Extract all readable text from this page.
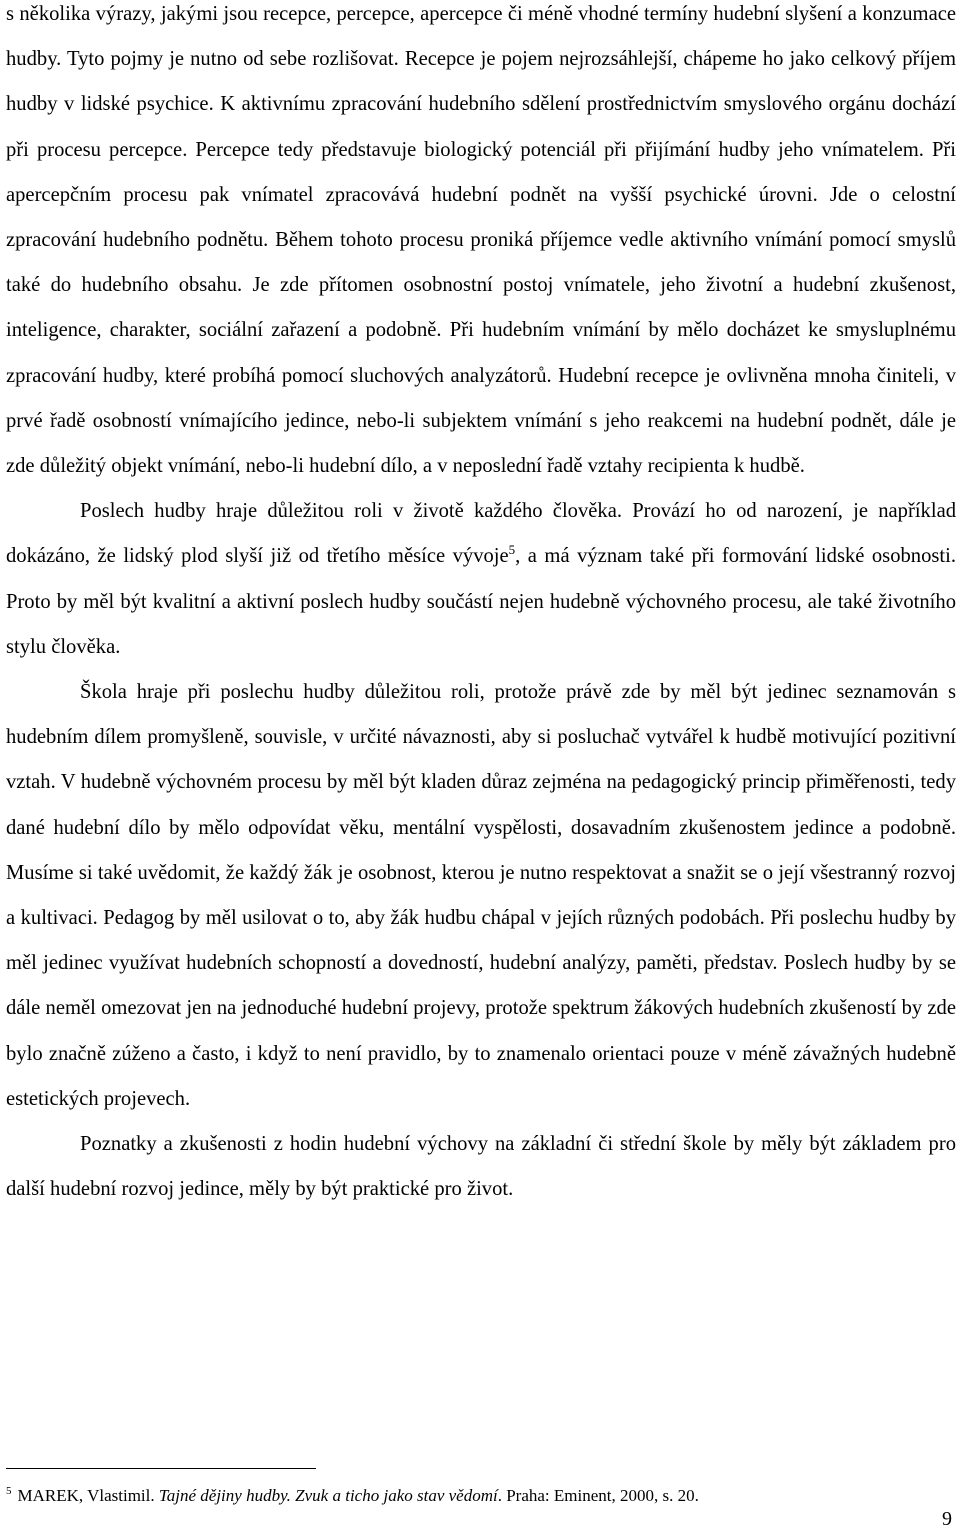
s několika výrazy, jakými jsou recepce, percepce, apercepce či méně vhodné termíny hudební slyšení a konzumace hudby. Tyto pojmy je nutno od sebe rozlišovat. Recepce je pojem nejrozsáhlejší, chápeme ho jako celkový příjem hudby v lidské psychice. K aktivnímu zpracování hudebního sdělení prostřednictvím smyslového orgánu dochází při procesu percepce. Percepce tedy představuje biologický potenciál při přijímání hudby jeho vnímatelem. Při apercepčním procesu pak vnímatel zpracovává hudební podnět na vyšší psychické úrovni. Jde o celostní zpracování hudebního podnětu. Během tohoto procesu proniká příjemce vedle aktivního vnímání pomocí smyslů také do hudebního obsahu. Je zde přítomen osobnostní postoj vnímatele, jeho životní a hudební zkušenost, inteligence, charakter, sociální zařazení a podobně. Při hudebním vnímání by mělo docházet ke smysluplnému zpracování hudby, které probíhá pomocí sluchových analyzátorů. Hudební recepce je ovlivněna mnoha činiteli, v prvé řadě osobností vnímajícího jedince, nebo-li subjektem vnímání s jeho reakcemi na hudební podnět, dále je zde důležitý objekt vnímání, nebo-li hudební dílo, a v neposlední řadě vztahy recipienta k hudbě.

Poslech hudby hraje důležitou roli v životě každého člověka. Provází ho od narození, je například dokázáno, že lidský plod slyší již od třetího měsíce vývoje$^5$, a má význam také při formování lidské osobnosti. Proto by měl být kvalitní a aktivní poslech hudby součástí nejen hudebně výchovného procesu, ale také životního stylu člověka.

Škola hraje při poslechu hudby důležitou roli, protože právě zde by měl být jedinec seznamován s hudebním dílem promyšleně, souvisle, v určité návaznosti, aby si posluchač vytvářel k hudbě motivující pozitivní vztah. V hudebně výchovném procesu by měl být kladen důraz zejména na pedagogický princip přiměřenosti, tedy dané hudební dílo by mělo odpovídat věku, mentální vyspělosti, dosavadním zkušenostem jedince a podobně. Musíme si také uvědomit, že každý žák je osobnost, kterou je nutno respektovat a snažit se o její všestranný rozvoj a kultivaci. Pedagog by měl usilovat o to, aby žák hudbu chápal v jejích různých podobách. Při poslechu hudby by měl jedinec využívat hudebních schopností a dovedností, hudební analýzy, paměti, představ. Poslech hudby by se dále neměl omezovat jen na jednoduché hudební projevy, protože spektrum žákových hudebních zkušeností by zde bylo značně zúženo a často, i když to není pravidlo, by to znamenalo orientaci pouze v méně závažných hudebně estetických projevech.

Poznatky a zkušenosti z hodin hudební výchovy na základní či střední škole by měly být základem pro další hudební rozvoj jedince, měly by být praktické pro život.

$^5$ MAREK, Vlastimil. Tajné dějiny hudby. Zvuk a ticho jako stav vědomí. Praha: Eminent, 2000, s. 20.
9
